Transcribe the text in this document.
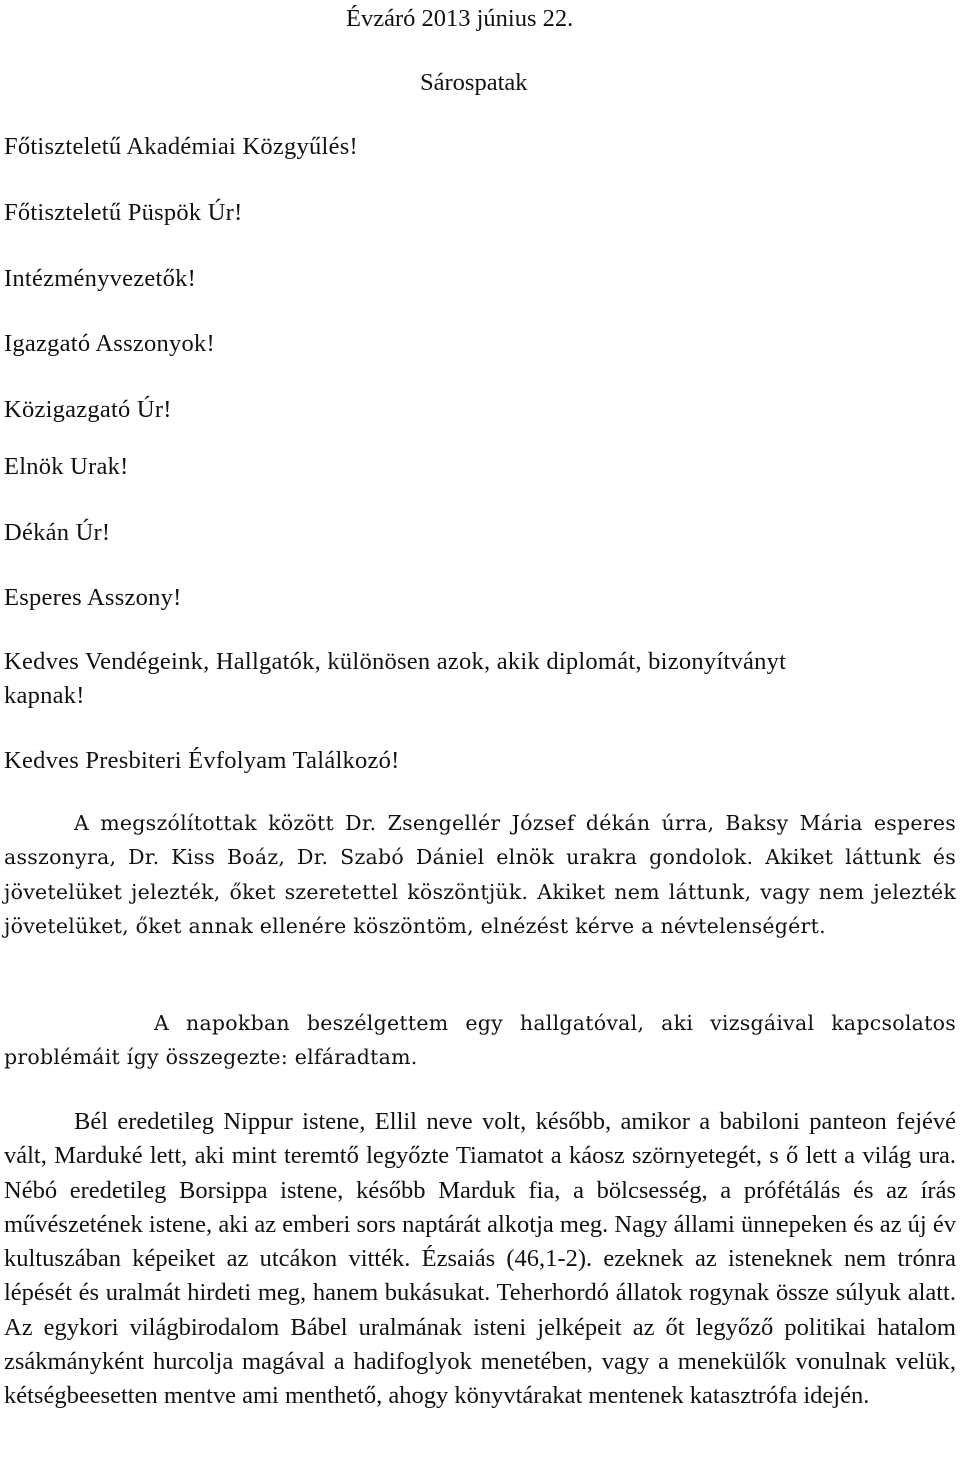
Évzáró 2013 június 22.
Sárospatak
Főtiszteletű Akadémiai Közgyűlés!
Főtiszteletű Püspök Úr!
Intézményvezetők!
Igazgató Asszonyok!
Közigazgató Úr!
Elnök Urak!
Dékán Úr!
Esperes Asszony!
Kedves Vendégeink, Hallgatók, különösen azok, akik diplomát, bizonyítványt
kapnak!
Kedves Presbiteri Évfolyam Találkozó!

A megszólítottak között Dr. Zsengellér József dékán úrra, Baksy Mária esperes asszonyra, Dr. Kiss Boáz, Dr. Szabó Dániel elnök urakra gondolok. Akiket láttunk és jövetelüket jelezték, őket szeretettel köszöntjük. Akiket nem láttunk, vagy nem jelezték jövetelüket, őket annak ellenére köszöntöm, elnézést kérve a névtelenségért.

A napokban beszélgettem egy hallgatóval, aki vizsgáival kapcsolatos problémáit így összegezte: elfáradtam.

Bél eredetileg Nippur istene, Ellil neve volt, később, amikor a babiloni panteon fejévé vált, Marduké lett, aki mint teremtő legyőzte Tiamatot a káosz szörnyetegét, s ő lett a világ ura. Nébó eredetileg Borsippa istene, később Marduk fia, a bölcsesség, a prófétálás és az írás művészetének istene, aki az emberi sors naptárát alkotja meg. Nagy állami ünnepeken és az új év kultuszában képeiket az utcákon vitték. Ézsaiás (46,1-2). ezeknek az isteneknek nem trónra lépését és uralmát hirdeti meg, hanem bukásukat. Teherhordó állatok rogynak össze súlyuk alatt. Az egykori világbirodalom Bábel uralmának isteni jelképeit az őt legyőző politikai hatalom zsákmányként hurcolja magával a hadifoglyok menetében, vagy a menekülők vonulnak velük, kétségbeesetten mentve ami menthető, ahogy könyvtárakat mentenek katasztrófa idején.
